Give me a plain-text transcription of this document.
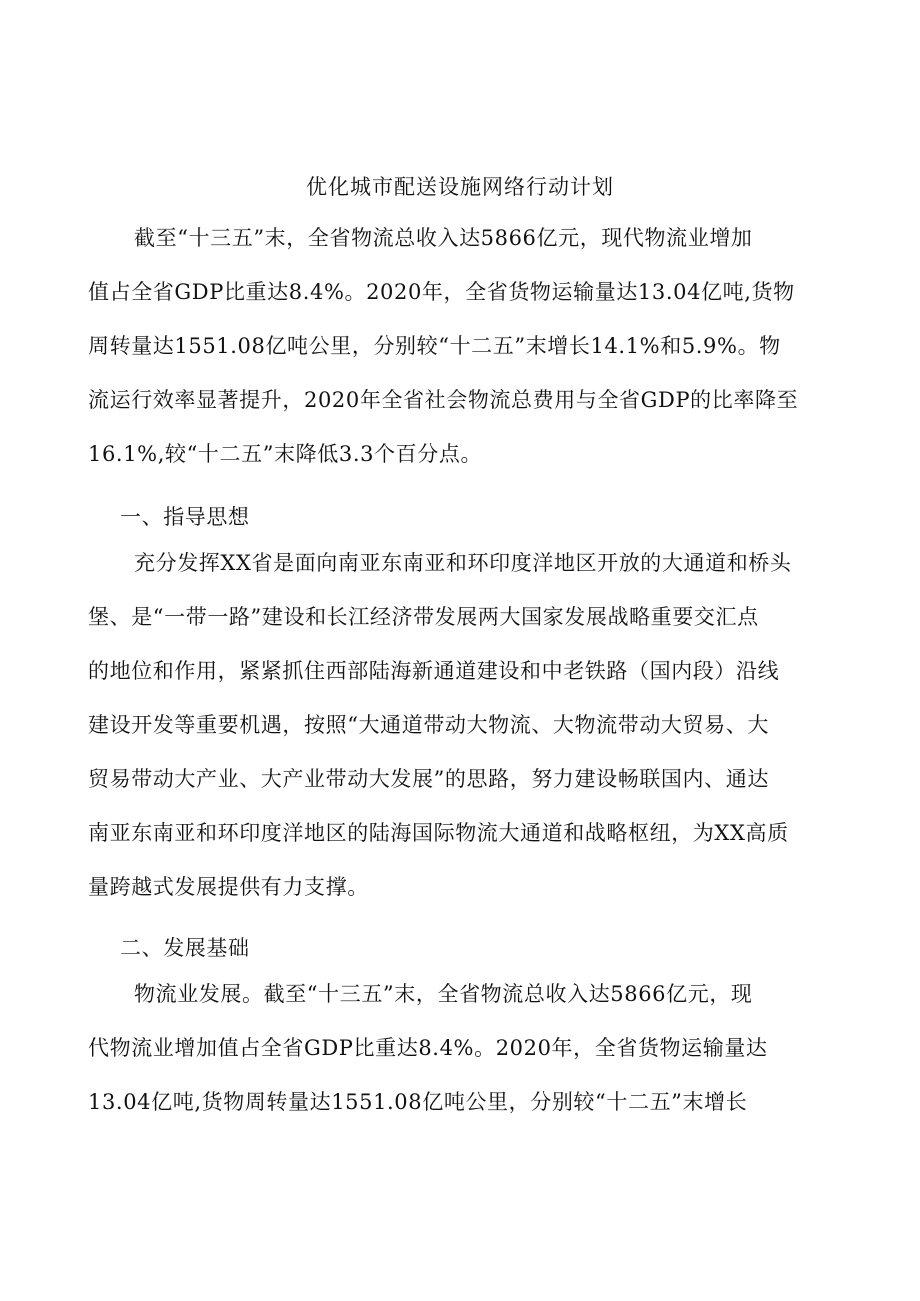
优化城市配送设施网络行动计划
截至“十三五”末，全省物流总收入达5866亿元，现代物流业增加
值占全省GDP比重达8.4%。2020年，全省货物运输量达13.04亿吨,货物
周转量达1551.08亿吨公里，分别较“十二五”末增长14.1%和5.9%。物
流运行效率显著提升，2020年全省社会物流总费用与全省GDP的比率降至
16.1%,较“十二五”末降低3.3个百分点。
一、指导思想
充分发挥XX省是面向南亚东南亚和环印度洋地区开放的大通道和桥头
堡、是“一带一路”建设和长江经济带发展两大国家发展战略重要交汇点
的地位和作用，紧紧抓住西部陆海新通道建设和中老铁路（国内段）沿线
建设开发等重要机遇，按照“大通道带动大物流、大物流带动大贸易、大
贸易带动大产业、大产业带动大发展”的思路，努力建设畅联国内、通达
南亚东南亚和环印度洋地区的陆海国际物流大通道和战略枢纽，为XX高质
量跨越式发展提供有力支撑。
二、发展基础
物流业发展。截至“十三五”末，全省物流总收入达5866亿元，现
代物流业增加值占全省GDP比重达8.4%。2020年，全省货物运输量达
13.04亿吨,货物周转量达1551.08亿吨公里，分别较“十二五”末增长
